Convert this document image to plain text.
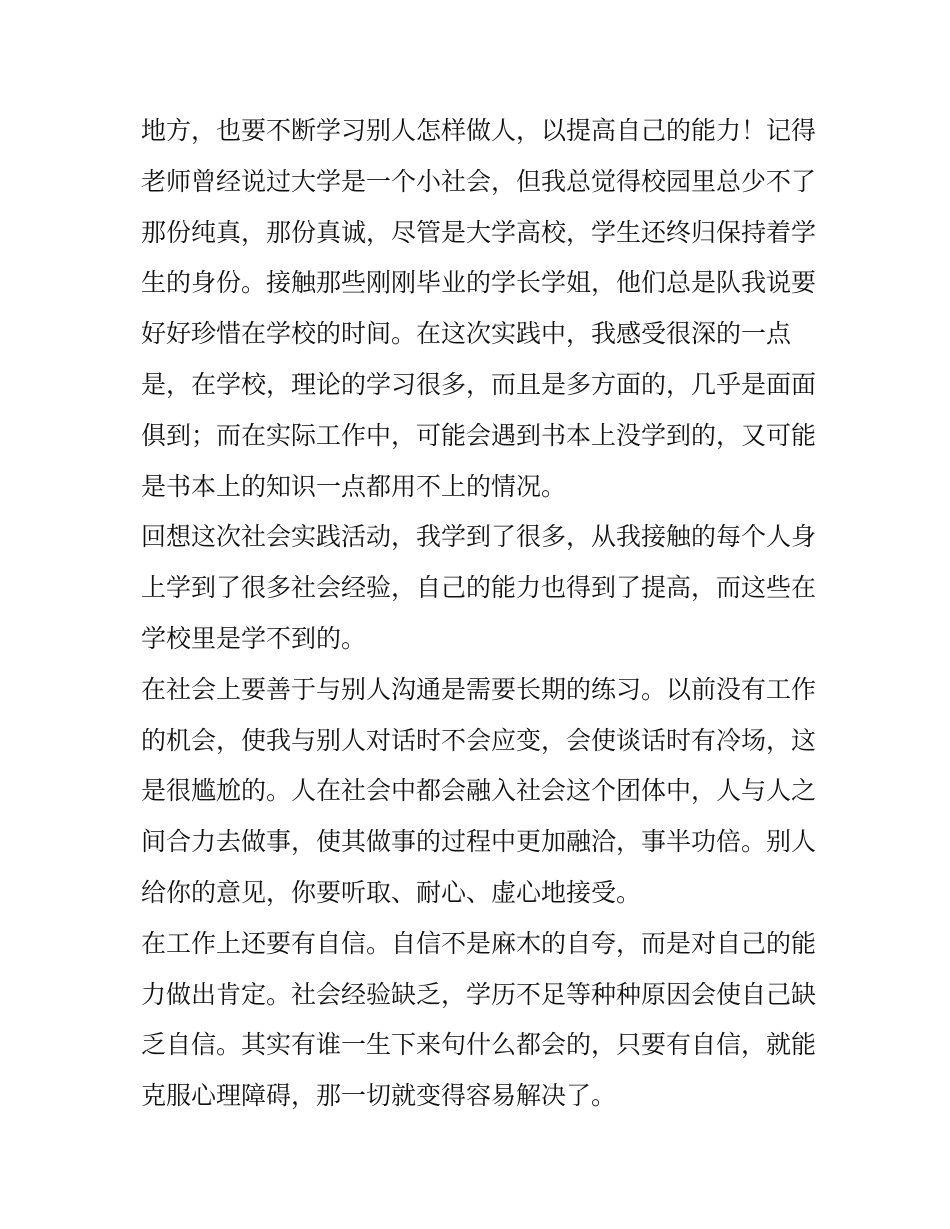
地方，也要不断学习别人怎样做人，以提高自己的能力！记得
老师曾经说过大学是一个小社会，但我总觉得校园里总少不了
那份纯真，那份真诚，尽管是大学高校，学生还终归保持着学
生的身份。接触那些刚刚毕业的学长学姐，他们总是队我说要
好好珍惜在学校的时间。在这次实践中，我感受很深的一点
是，在学校，理论的学习很多，而且是多方面的，几乎是面面
俱到；而在实际工作中，可能会遇到书本上没学到的，又可能
是书本上的知识一点都用不上的情况。
回想这次社会实践活动，我学到了很多，从我接触的每个人身
上学到了很多社会经验，自己的能力也得到了提高，而这些在
学校里是学不到的。
在社会上要善于与别人沟通是需要长期的练习。以前没有工作
的机会，使我与别人对话时不会应变，会使谈话时有冷场，这
是很尴尬的。人在社会中都会融入社会这个团体中，人与人之
间合力去做事，使其做事的过程中更加融洽，事半功倍。别人
给你的意见，你要听取、耐心、虚心地接受。
在工作上还要有自信。自信不是麻木的自夸，而是对自己的能
力做出肯定。社会经验缺乏，学历不足等种种原因会使自己缺
乏自信。其实有谁一生下来句什么都会的，只要有自信，就能
克服心理障碍，那一切就变得容易解决了。
